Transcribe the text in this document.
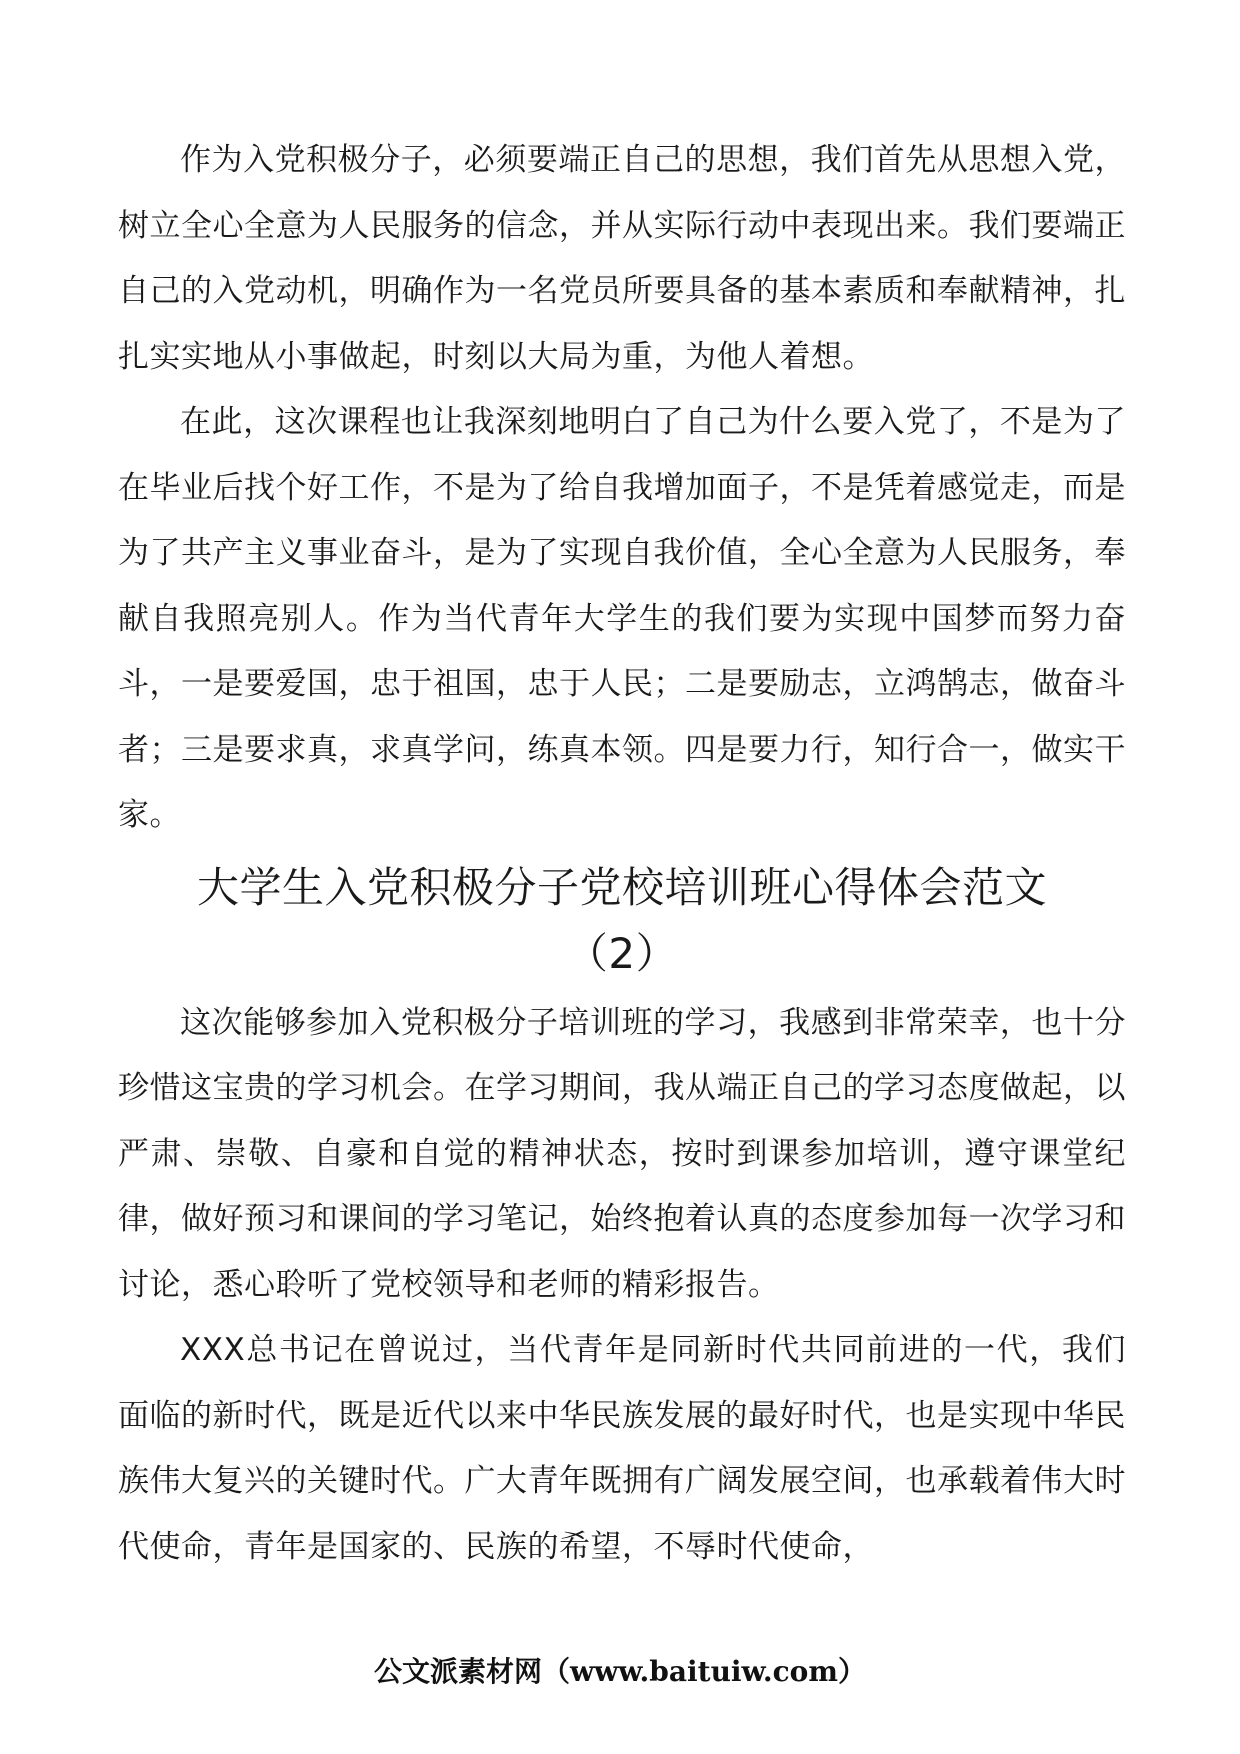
作为入党积极分子，必须要端正自己的思想，我们首先从思想入党，树立全心全意为人民服务的信念，并从实际行动中表现出来。我们要端正自己的入党动机，明确作为一名党员所要具备的基本素质和奉献精神，扎扎实实地从小事做起，时刻以大局为重，为他人着想。

在此，这次课程也让我深刻地明白了自己为什么要入党了，不是为了在毕业后找个好工作，不是为了给自我增加面子，不是凭着感觉走，而是为了共产主义事业奋斗，是为了实现自我价值，全心全意为人民服务，奉献自我照亮别人。作为当代青年大学生的我们要为实现中国梦而努力奋斗，一是要爱国，忠于祖国，忠于人民；二是要励志，立鸿鹄志，做奋斗者；三是要求真，求真学问，练真本领。四是要力行，知行合一，做实干家。

大学生入党积极分子党校培训班心得体会范文
（2）

这次能够参加入党积极分子培训班的学习，我感到非常荣幸，也十分珍惜这宝贵的学习机会。在学习期间，我从端正自己的学习态度做起，以严肃、崇敬、自豪和自觉的精神状态，按时到课参加培训，遵守课堂纪律，做好预习和课间的学习笔记，始终抱着认真的态度参加每一次学习和讨论，悉心聆听了党校领导和老师的精彩报告。

XXX总书记在曾说过，当代青年是同新时代共同前进的一代，我们面临的新时代，既是近代以来中华民族发展的最好时代，也是实现中华民族伟大复兴的关键时代。广大青年既拥有广阔发展空间，也承载着伟大时代使命，青年是国家的、民族的希望，不辱时代使命，

公文派素材网（www.baituiw.com）
